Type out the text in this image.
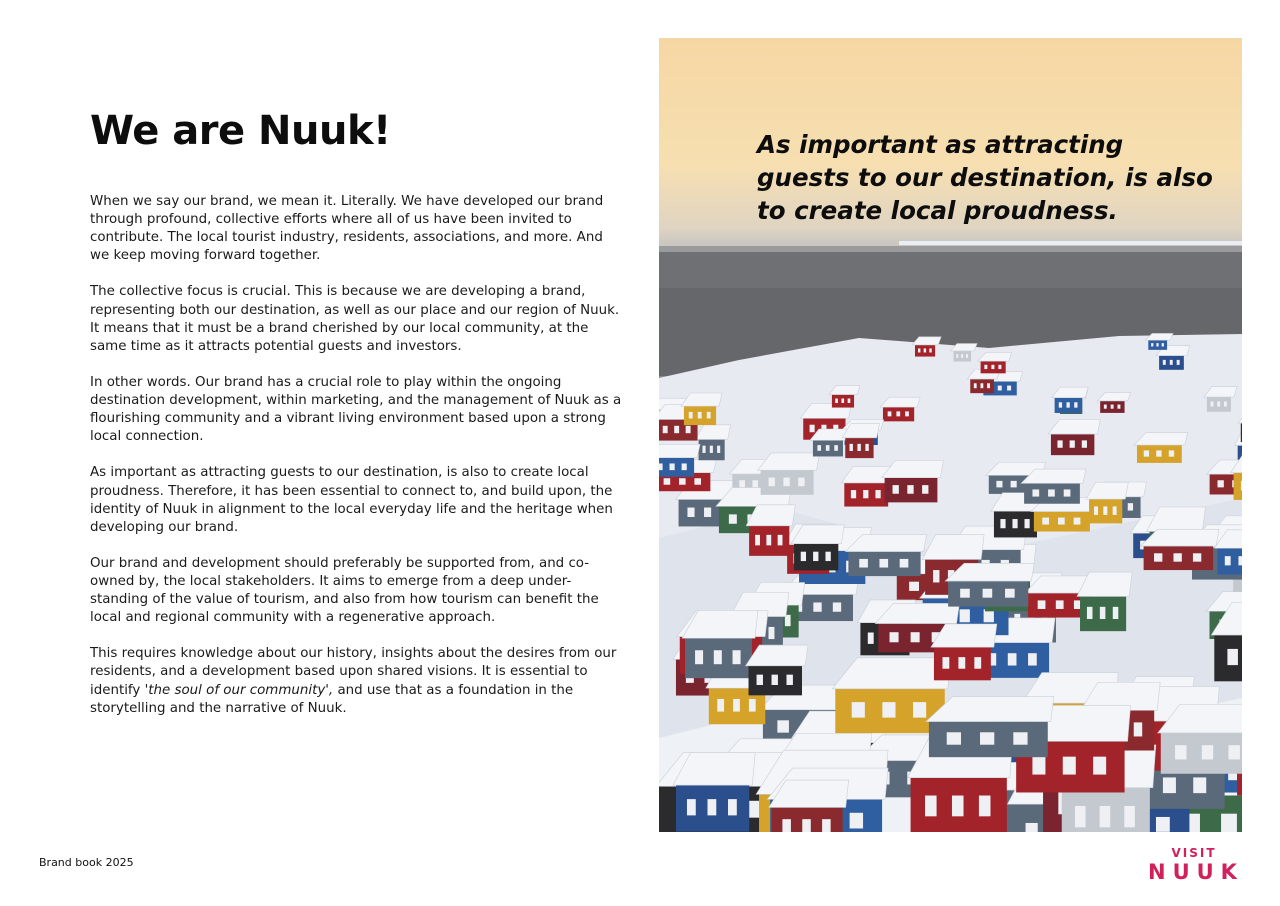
We are Nuuk!

When we say our brand, we mean it. Literally. We have developed our brand through profound, collective efforts where all of us have been invited to contribute. The local tourist industry, residents, associations, and more. And we keep moving forward together.

The collective focus is crucial. This is because we are developing a brand, representing both our destination, as well as our place and our region of Nuuk. It means that it must be a brand cherished by our local community, at the same time as it attracts potential guests and investors.

In other words. Our brand has a crucial role to play within the ongoing destination development, within marketing, and the management of Nuuk as a flourishing community and a vibrant living environment based upon a strong local connection.

As important as attracting guests to our destination, is also to create local proudness. Therefore, it has been essential to connect to, and build upon, the identity of Nuuk in alignment to the local everyday life and the heritage when developing our brand.

Our brand and development should preferably be supported from, and co-owned by, the local stakeholders. It aims to emerge from a deep under-standing of the value of tourism, and also from how tourism can benefit the local and regional community with a regenerative approach.

This requires knowledge about our history, insights about the desires from our residents, and a development based upon shared visions. It is essential to identify 'the soul of our community', and use that as a foundation in the storytelling and the narrative of Nuuk.

As important as attracting guests to our destination, is also to create local proudness.

Brand book 2025
VISIT
NUUK
